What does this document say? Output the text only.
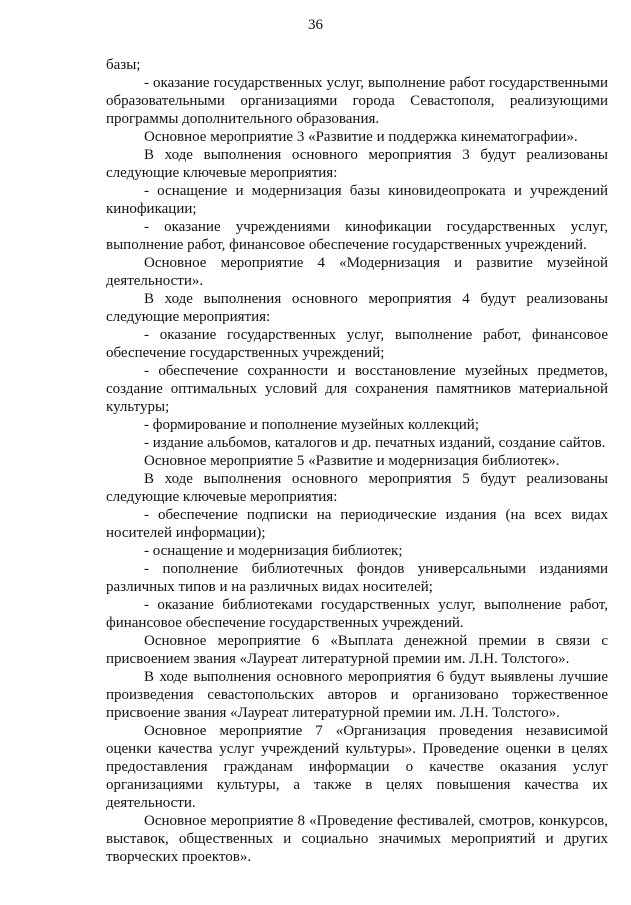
36

базы;

- оказание государственных услуг, выполнение работ государственными образовательными организациями города Севастополя, реализующими программы дополнительного образования.

Основное мероприятие 3 «Развитие и поддержка кинематографии».

В ходе выполнения основного мероприятия 3 будут реализованы следующие ключевые мероприятия:

- оснащение и модернизация базы киновидеопроката и учреждений кинофикации;

- оказание учреждениями кинофикации государственных услуг, выполнение работ, финансовое обеспечение государственных учреждений.

Основное мероприятие 4 «Модернизация и развитие музейной деятельности».

В ходе выполнения основного мероприятия 4 будут реализованы следующие мероприятия:

- оказание государственных услуг, выполнение работ, финансовое обеспечение государственных учреждений;

- обеспечение сохранности и восстановление музейных предметов, создание оптимальных условий для сохранения памятников материальной культуры;

- формирование и пополнение музейных коллекций;

- издание альбомов, каталогов и др. печатных изданий, создание сайтов.

Основное мероприятие 5 «Развитие и модернизация библиотек».

В ходе выполнения основного мероприятия 5 будут реализованы следующие ключевые мероприятия:

- обеспечение подписки на периодические издания (на всех видах носителей информации);

- оснащение и модернизация библиотек;

- пополнение библиотечных фондов универсальными изданиями различных типов и на различных видах носителей;

- оказание библиотеками государственных услуг, выполнение работ, финансовое обеспечение государственных учреждений.

Основное мероприятие 6 «Выплата денежной премии в связи с присвоением звания «Лауреат литературной премии им. Л.Н. Толстого».

В ходе выполнения основного мероприятия 6 будут выявлены лучшие произведения севастопольских авторов и организовано торжественное присвоение звания «Лауреат литературной премии им. Л.Н. Толстого».

Основное мероприятие 7 «Организация проведения независимой оценки качества услуг учреждений культуры». Проведение оценки в целях предоставления гражданам информации о качестве оказания услуг организациями культуры, а также в целях повышения качества их деятельности.

Основное мероприятие 8 «Проведение фестивалей, смотров, конкурсов, выставок, общественных и социально значимых мероприятий и других творческих проектов».
